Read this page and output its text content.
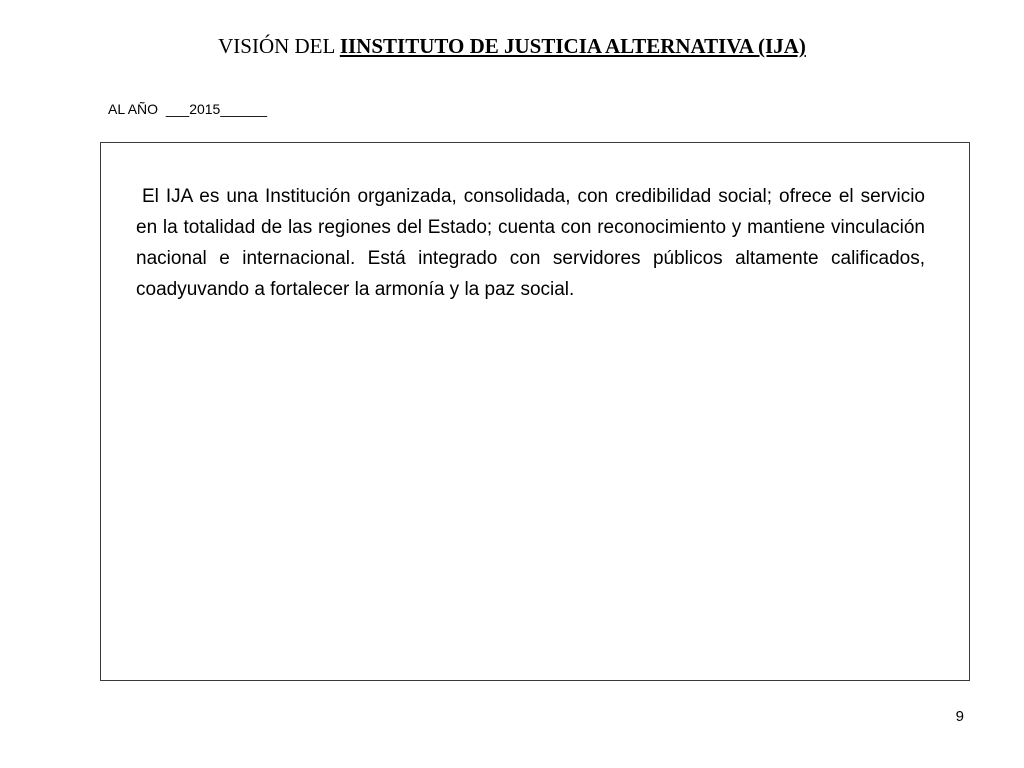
VISIÓN DEL IINSTITUTO DE JUSTICIA ALTERNATIVA (IJA)
AL AÑO  ___2015______

El IJA es una Institución organizada, consolidada, con credibilidad social; ofrece el servicio en la totalidad de las regiones del Estado; cuenta con reconocimiento y mantiene vinculación nacional e internacional. Está integrado con servidores públicos altamente calificados, coadyuvando a fortalecer la armonía y la paz social.

9
